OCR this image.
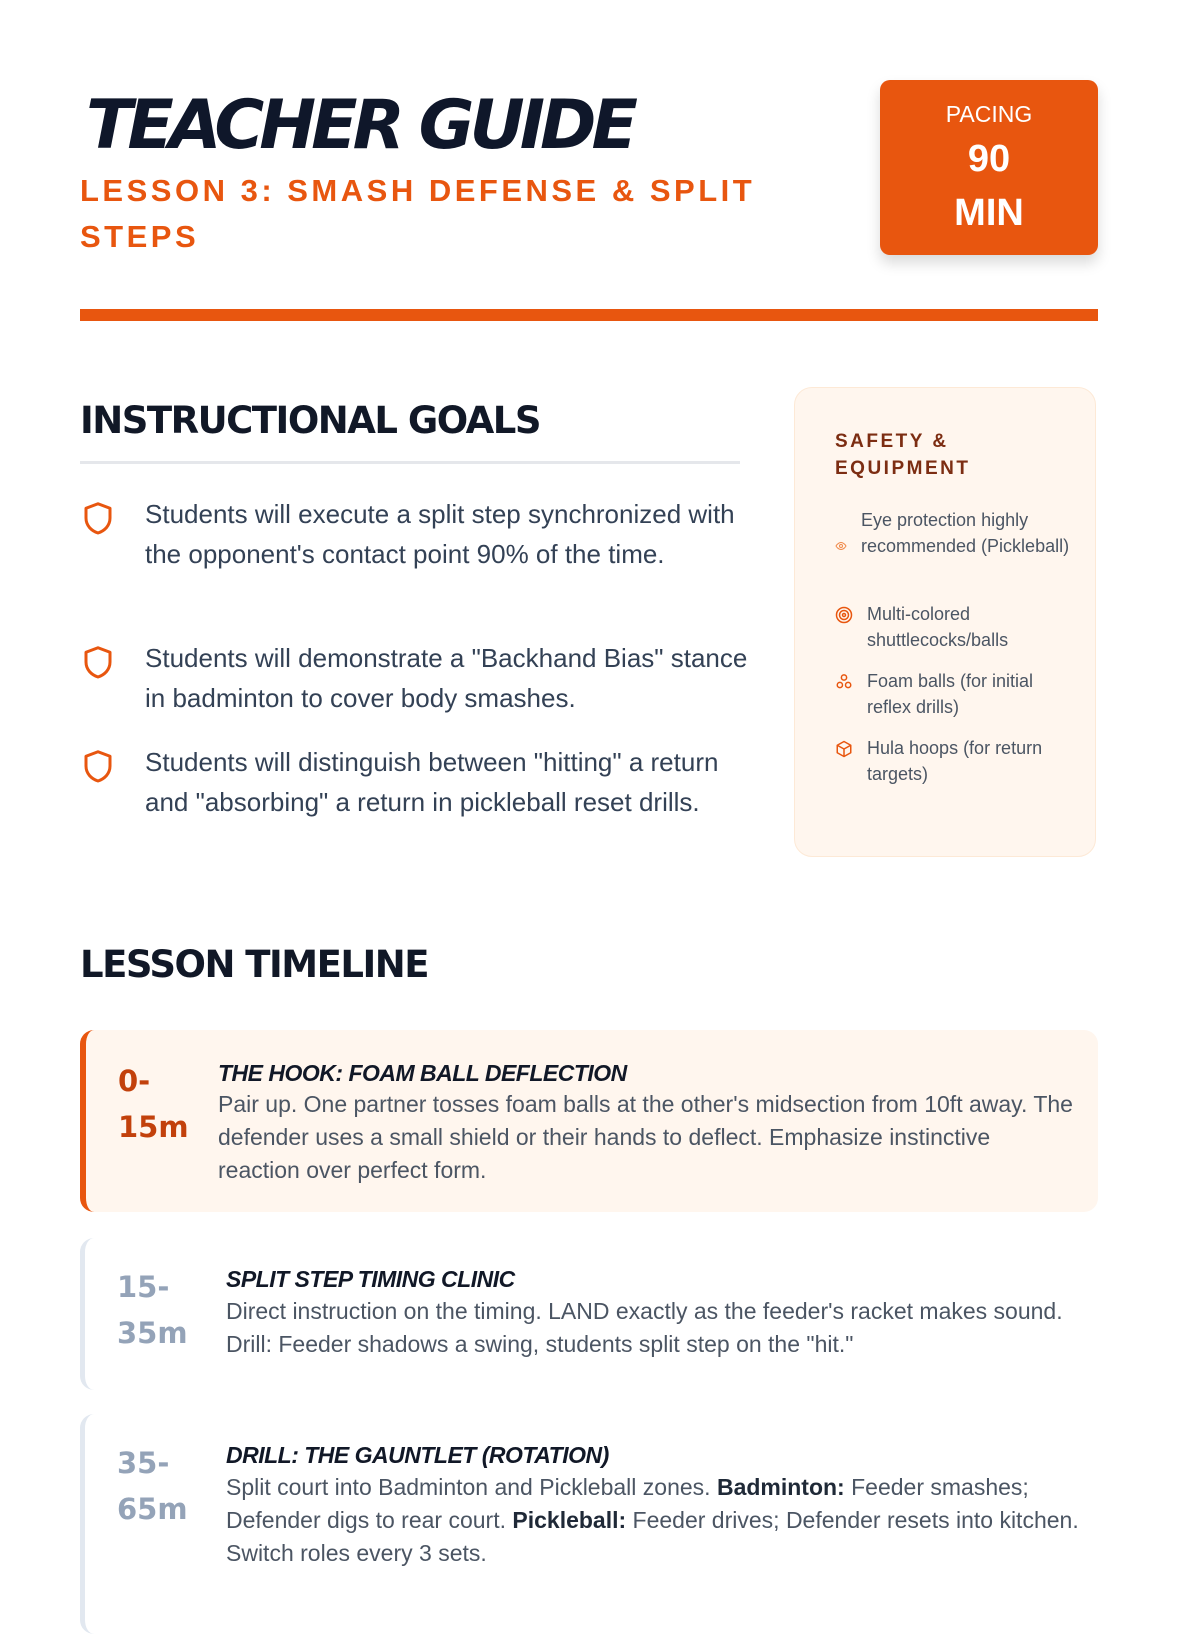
TEACHER GUIDE
LESSON 3: SMASH DEFENSE & SPLIT STEPS
PACING
90 MIN
INSTRUCTIONAL GOALS
Students will execute a split step synchronized with the opponent's contact point 90% of the time.
Students will demonstrate a "Backhand Bias" stance in badminton to cover body smashes.
Students will distinguish between "hitting" a return and "absorbing" a return in pickleball reset drills.
SAFETY & EQUIPMENT
Eye protection highly recommended (Pickleball)
Multi-colored shuttlecocks/balls
Foam balls (for initial reflex drills)
Hula hoops (for return targets)
LESSON TIMELINE
0-15m
THE HOOK: FOAM BALL DEFLECTION
Pair up. One partner tosses foam balls at the other's midsection from 10ft away. The defender uses a small shield or their hands to deflect. Emphasize instinctive reaction over perfect form.
15-35m
SPLIT STEP TIMING CLINIC
Direct instruction on the timing. LAND exactly as the feeder's racket makes sound. Drill: Feeder shadows a swing, students split step on the "hit."
35-65m
DRILL: THE GAUNTLET (ROTATION)
Split court into Badminton and Pickleball zones. Badminton: Feeder smashes; Defender digs to rear court. Pickleball: Feeder drives; Defender resets into kitchen. Switch roles every 3 sets.
